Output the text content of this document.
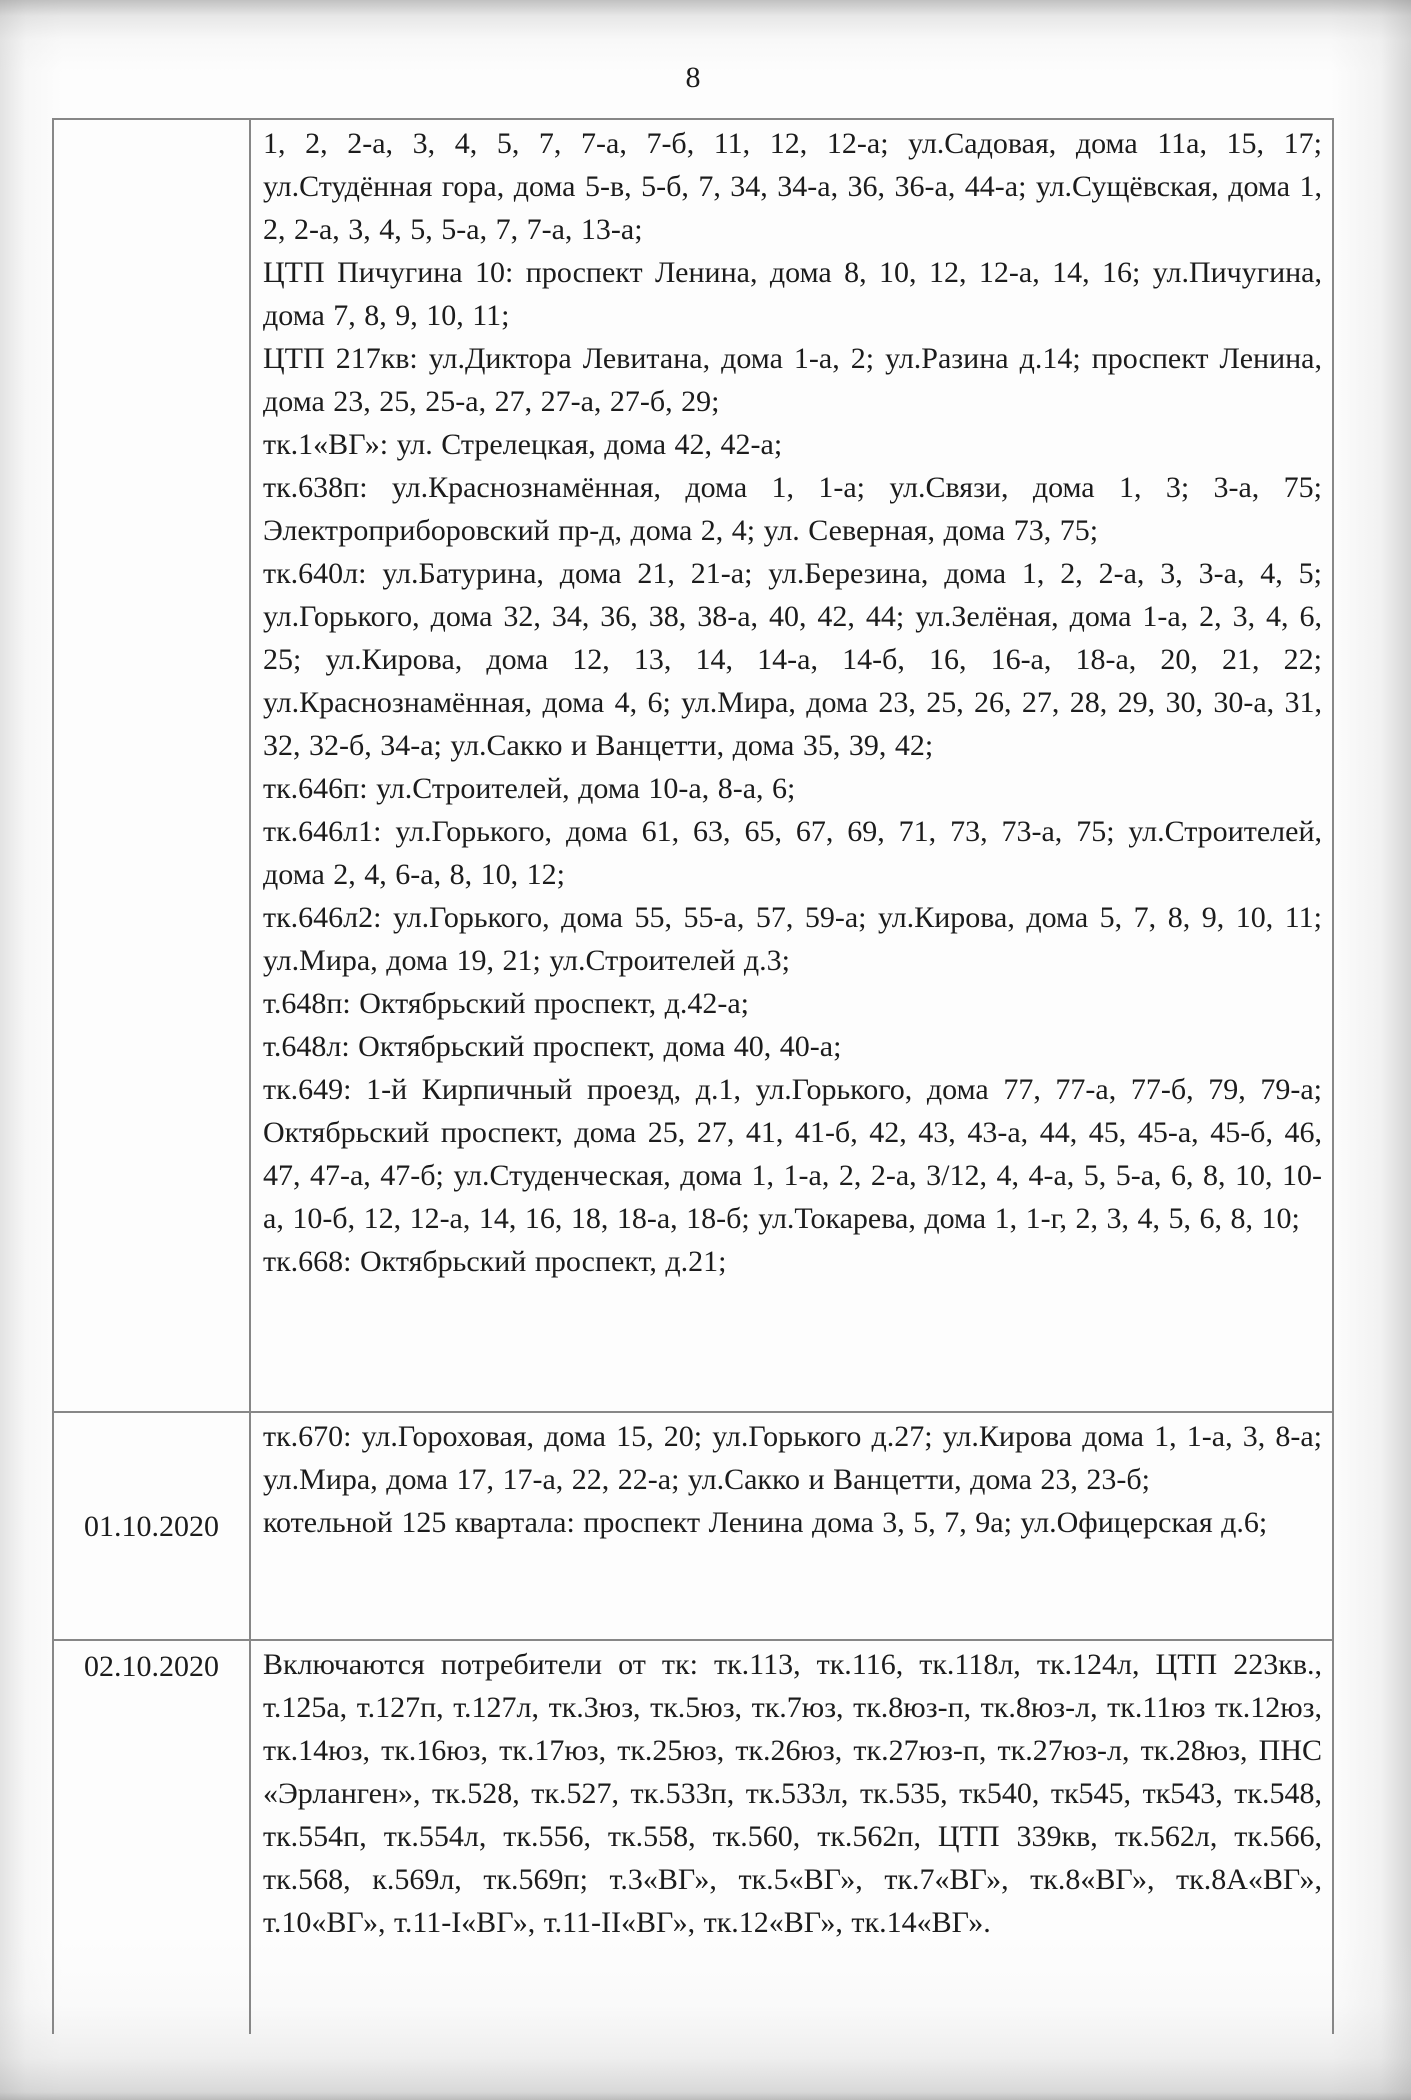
8

1, 2, 2-а, 3, 4, 5, 7, 7-а, 7-б, 11, 12, 12-а; ул.Садовая, дома 11а, 15, 17; ул.Студённая гора, дома 5-в, 5-б, 7, 34, 34-а, 36, 36-а, 44-а; ул.Сущёвская, дома 1, 2, 2-а, 3, 4, 5, 5-а, 7, 7-а, 13-а;

ЦТП Пичугина 10: проспект Ленина, дома 8, 10, 12, 12-а, 14, 16; ул.Пичугина, дома 7, 8, 9, 10, 11;

ЦТП 217кв: ул.Диктора Левитана, дома 1-а, 2; ул.Разина д.14; проспект Ленина, дома 23, 25, 25-а, 27, 27-а, 27-б, 29;

тк.1«ВГ»: ул. Стрелецкая, дома 42, 42-а;

тк.638п: ул.Краснознамённая, дома 1, 1-а; ул.Связи, дома 1, 3; 3-а, 75; Электроприборовский пр-д, дома 2, 4; ул. Северная, дома 73, 75;

тк.640л: ул.Батурина, дома 21, 21-а; ул.Березина, дома 1, 2, 2-а, 3, 3-а, 4, 5; ул.Горького, дома 32, 34, 36, 38, 38-а, 40, 42, 44; ул.Зелёная, дома 1-а, 2, 3, 4, 6, 25; ул.Кирова, дома 12, 13, 14, 14-а, 14-б, 16, 16-а, 18-а, 20, 21, 22; ул.Краснознамённая, дома 4, 6; ул.Мира, дома 23, 25, 26, 27, 28, 29, 30, 30-а, 31, 32, 32-б, 34-а; ул.Сакко и Ванцетти, дома 35, 39, 42;

тк.646п: ул.Строителей, дома 10-а, 8-а, 6;

тк.646л1: ул.Горького, дома 61, 63, 65, 67, 69, 71, 73, 73-а, 75; ул.Строителей, дома 2, 4, 6-а, 8, 10, 12;

тк.646л2: ул.Горького, дома 55, 55-а, 57, 59-а; ул.Кирова, дома 5, 7, 8, 9, 10, 11; ул.Мира, дома 19, 21; ул.Строителей д.3;

т.648п: Октябрьский проспект, д.42-а;

т.648л: Октябрьский проспект, дома 40, 40-а;

тк.649: 1-й Кирпичный проезд, д.1, ул.Горького, дома 77, 77-а, 77-б, 79, 79-а; Октябрьский проспект, дома 25, 27, 41, 41-б, 42, 43, 43-а, 44, 45, 45-а, 45-б, 46, 47, 47-а, 47-б; ул.Студенческая, дома 1, 1-а, 2, 2-а, 3/12, 4, 4-а, 5, 5-а, 6, 8, 10, 10-а, 10-б, 12, 12-а, 14, 16, 18, 18-а, 18-б; ул.Токарева, дома 1, 1-г, 2, 3, 4, 5, 6, 8, 10;

тк.668: Октябрьский проспект, д.21;

01.10.2020

тк.670: ул.Гороховая, дома 15, 20; ул.Горького д.27; ул.Кирова дома 1, 1-а, 3, 8-а; ул.Мира, дома 17, 17-а, 22, 22-а; ул.Сакко и Ванцетти, дома 23, 23-б;

котельной 125 квартала: проспект Ленина дома 3, 5, 7, 9а; ул.Офицерская д.6;

02.10.2020 Включаются потребители от тк: тк.113, тк.116, тк.118л, тк.124л, ЦТП 223кв., т.125а, т.127п, т.127л, тк.3юз, тк.5юз, тк.7юз, тк.8юз-п, тк.8юз-л, тк.11юз тк.12юз, тк.14юз, тк.16юз, тк.17юз, тк.25юз, тк.26юз, тк.27юз-п, тк.27юз-л, тк.28юз, ПНС «Эрланген», тк.528, тк.527, тк.533п, тк.533л, тк.535, тк540, тк545, тк543, тк.548, тк.554п, тк.554л, тк.556, тк.558, тк.560, тк.562п, ЦТП 339кв, тк.562л, тк.566, тк.568, к.569л, тк.569п; т.3«ВГ», тк.5«ВГ», тк.7«ВГ», тк.8«ВГ», тк.8А«ВГ», т.10«ВГ», т.11-I«ВГ», т.11-II«ВГ», тк.12«ВГ», тк.14«ВГ».
